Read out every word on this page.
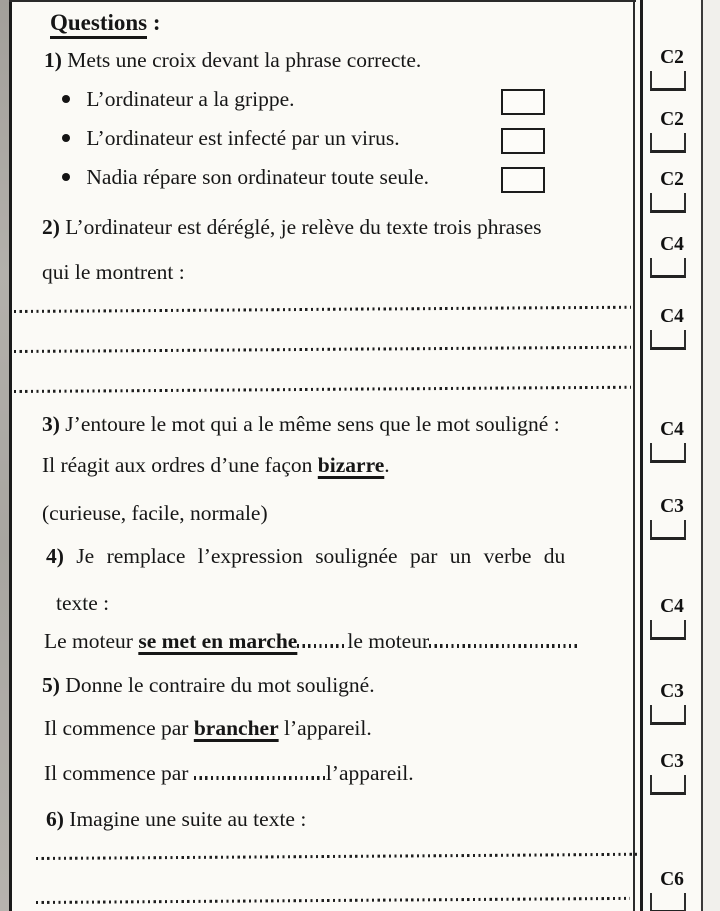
Questions :
1) Mets une croix devant la phrase correcte.
L’ordinateur a la grippe.
L’ordinateur est infecté par un virus.
Nadia répare son ordinateur toute seule.
2) L’ordinateur est déréglé, je relève du texte trois phrases
qui le montrent :
3) J’entoure le mot qui a le même sens que le mot souligné :
Il réagit aux ordres d’une façon bizarre.
(curieuse, facile, normale)
4) Je remplace l’expression soulignée par un verbe du
texte :
Le moteur se met en marche le moteur
5) Donne le contraire du mot souligné.
Il commence par brancher l’appareil.
Il commence par	l’appareil.
6) Imagine une suite au texte :
C2
C2
C2
C4
C4
C4
C3
C4
C3
C3
C6
